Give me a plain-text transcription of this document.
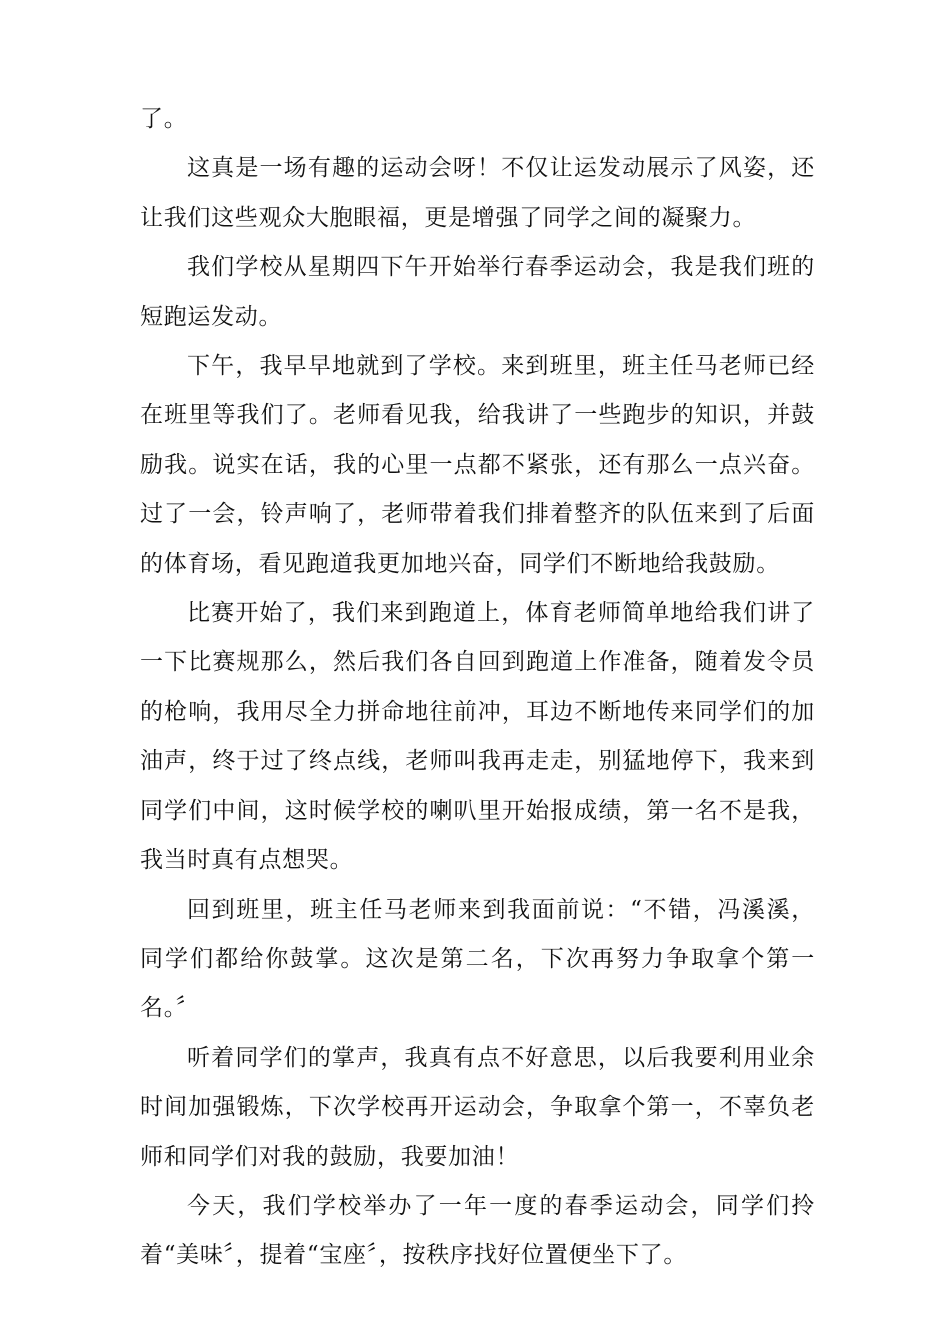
了。

这真是一场有趣的运动会呀！不仅让运发动展示了风姿，还让我们这些观众大胞眼福，更是增强了同学之间的凝聚力。

我们学校从星期四下午开始举行春季运动会，我是我们班的短跑运发动。

下午，我早早地就到了学校。来到班里，班主任马老师已经在班里等我们了。老师看见我，给我讲了一些跑步的知识，并鼓励我。说实在话，我的心里一点都不紧张，还有那么一点兴奋。过了一会，铃声响了，老师带着我们排着整齐的队伍来到了后面的体育场，看见跑道我更加地兴奋，同学们不断地给我鼓励。

比赛开始了，我们来到跑道上，体育老师简单地给我们讲了一下比赛规那么，然后我们各自回到跑道上作准备，随着发令员的枪响，我用尽全力拼命地往前冲，耳边不断地传来同学们的加油声，终于过了终点线，老师叫我再走走，别猛地停下，我来到同学们中间，这时候学校的喇叭里开始报成绩，第一名不是我，我当时真有点想哭。

回到班里，班主任马老师来到我面前说：“不错，冯溪溪，同学们都给你鼓掌。这次是第二名，下次再努力争取拿个第一名。〞

听着同学们的掌声，我真有点不好意思，以后我要利用业余时间加强锻炼，下次学校再开运动会，争取拿个第一，不辜负老师和同学们对我的鼓励，我要加油！

今天，我们学校举办了一年一度的春季运动会，同学们拎着“美味〞，提着“宝座〞，按秩序找好位置便坐下了。
